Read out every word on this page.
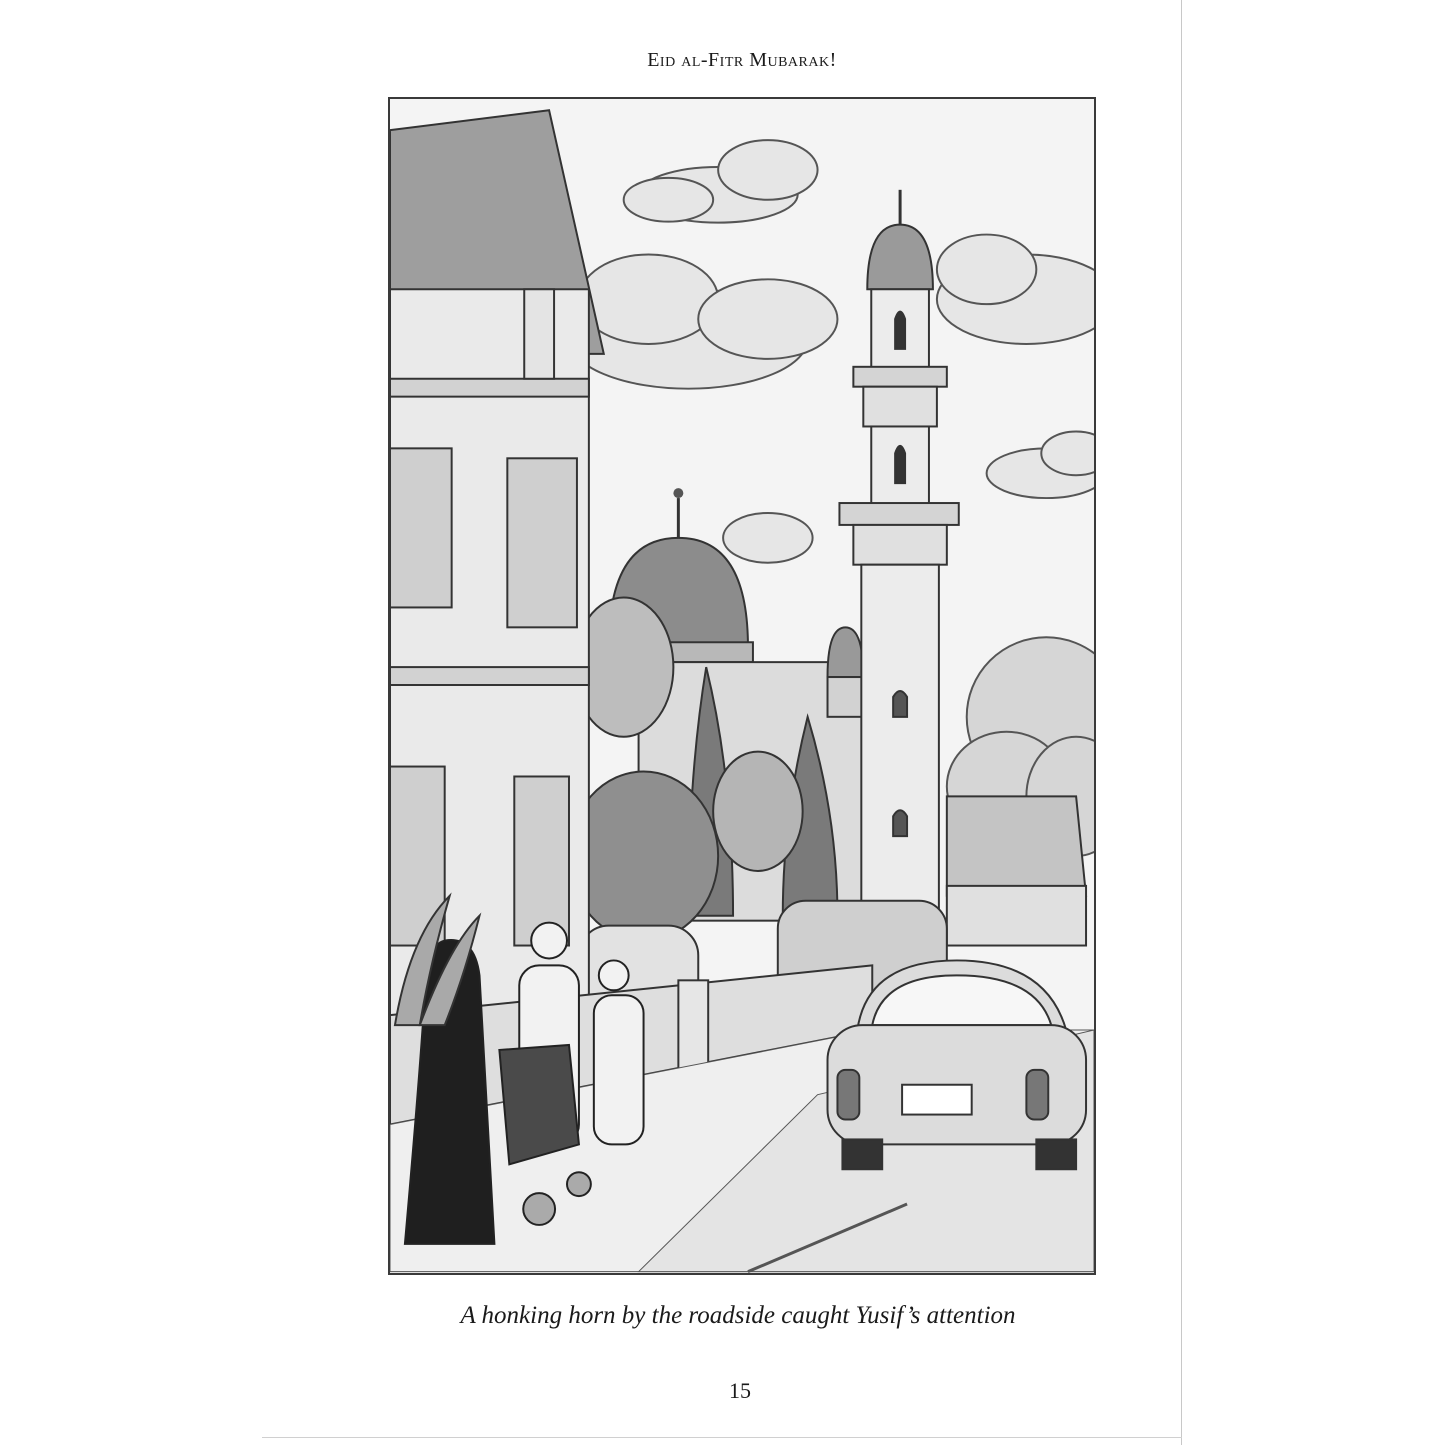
Eid al-Fitr Mubarak!
A honking horn by the roadside caught Yusif’s attention
15
